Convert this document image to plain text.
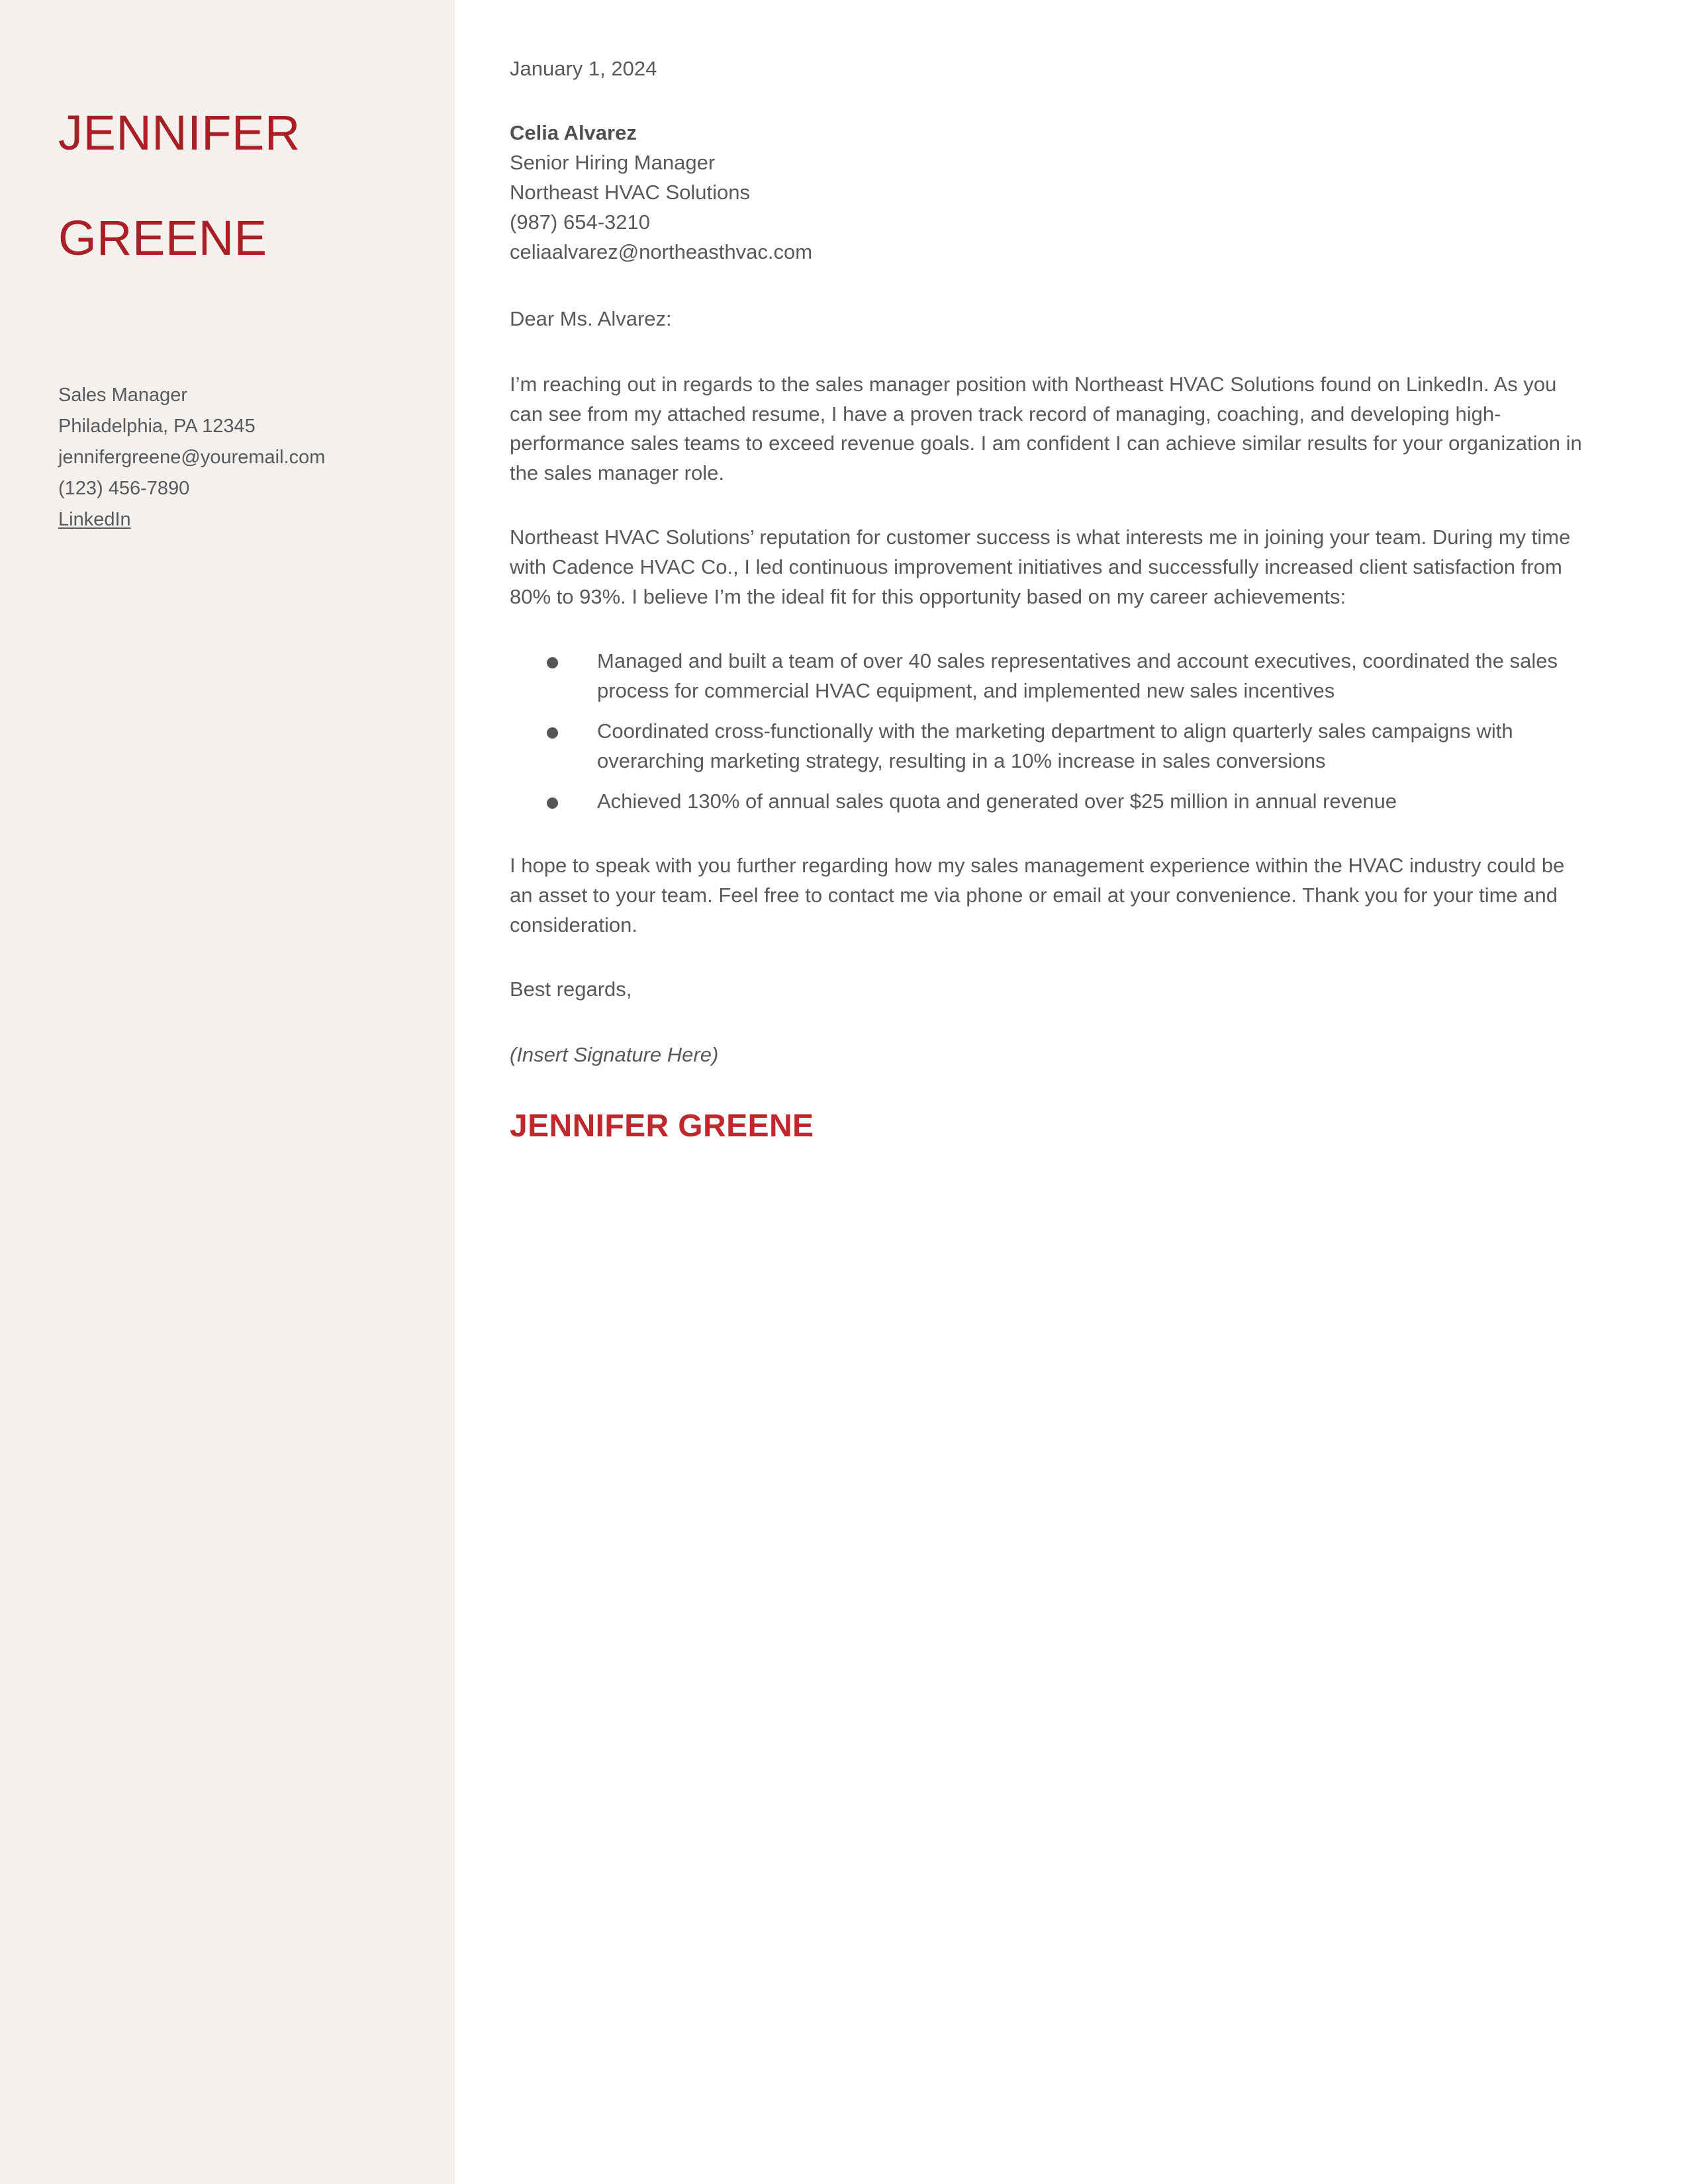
JENNIFER

GREENE

Sales Manager
Philadelphia, PA 12345
jennifergreene@youremail.com
(123) 456-7890
LinkedIn

January 1, 2024

Celia Alvarez
Senior Hiring Manager
Northeast HVAC Solutions
(987) 654-3210
celiaalvarez@northeasthvac.com

Dear Ms. Alvarez:

I’m reaching out in regards to the sales manager position with Northeast HVAC Solutions found on LinkedIn. As you can see from my attached resume, I have a proven track record of managing, coaching, and developing high-performance sales teams to exceed revenue goals. I am confident I can achieve similar results for your organization in the sales manager role.

Northeast HVAC Solutions’ reputation for customer success is what interests me in joining your team. During my time with Cadence HVAC Co., I led continuous improvement initiatives and successfully increased client satisfaction from 80% to 93%. I believe I’m the ideal fit for this opportunity based on my career achievements:

Managed and built a team of over 40 sales representatives and account executives, coordinated the sales process for commercial HVAC equipment, and implemented new sales incentives
Coordinated cross-functionally with the marketing department to align quarterly sales campaigns with overarching marketing strategy, resulting in a 10% increase in sales conversions
Achieved 130% of annual sales quota and generated over $25 million in annual revenue

I hope to speak with you further regarding how my sales management experience within the HVAC industry could be an asset to your team. Feel free to contact me via phone or email at your convenience. Thank you for your time and consideration.

Best regards,

(Insert Signature Here)

JENNIFER GREENE
